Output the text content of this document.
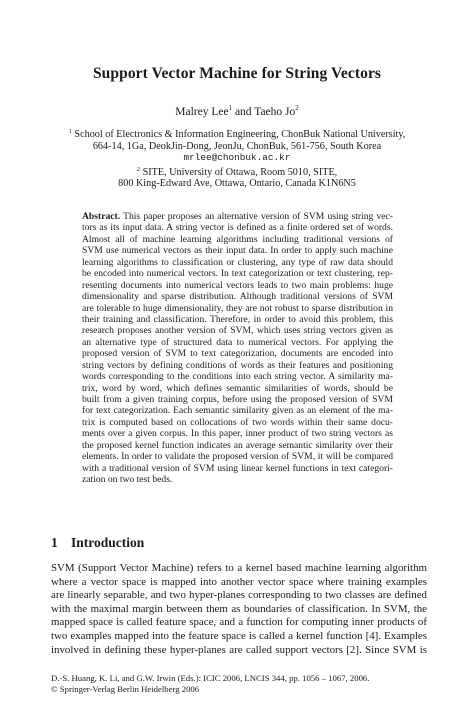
Support Vector Machine for String Vectors
Malrey Lee$^1$ and Taeho Jo$^2$
$^1$ School of Electronics & Information Engineering, ChonBuk National University,
664-14, 1Ga, DeokJin-Dong, JeonJu, ChonBuk, 561-756, South Korea
mrlee@chonbuk.ac.kr
$^2$ SITE, University of Ottawa, Room 5010, SITE,
800 King-Edward Ave, Ottawa, Ontario, Canada K1N6N5
Abstract. This paper proposes an alternative version of SVM using string vec-
tors as its input data. A string vector is defined as a finite ordered set of words.
Almost all of machine learning algorithms including traditional versions of
SVM use numerical vectors as their input data. In order to apply such machine
learning algorithms to classification or clustering, any type of raw data should
be encoded into numerical vectors. In text categorization or text clustering, rep-
resenting documents into numerical vectors leads to two main problems: huge
dimensionality and sparse distribution. Although traditional versions of SVM
are tolerable to huge dimensionality, they are not robust to sparse distribution in
their training and classification. Therefore, in order to avoid this problem, this
research proposes another version of SVM, which uses string vectors given as
an alternative type of structured data to numerical vectors. For applying the
proposed version of SVM to text categorization, documents are encoded into
string vectors by defining conditions of words as their features and positioning
words corresponding to the conditions into each string vector. A similarity ma-
trix, word by word, which defines semantic similarities of words, should be
built from a given training corpus, before using the proposed version of SVM
for text categorization. Each semantic similarity given as an element of the ma-
trix is computed based on collocations of two words within their same docu-
ments over a given corpus. In this paper, inner product of two string vectors as
the proposed kernel function indicates an average semantic similarity over their
elements. In order to validate the proposed version of SVM, it will be compared
with a traditional version of SVM using linear kernel functions in text categori-
zation on two test beds.
1 Introduction
SVM (Support Vector Machine) refers to a kernel based machine learning algorithm
where a vector space is mapped into another vector space where training examples
are linearly separable, and two hyper-planes corresponding to two classes are defined
with the maximal margin between them as boundaries of classification. In SVM, the
mapped space is called feature space, and a function for computing inner products of
two examples mapped into the feature space is called a kernel function [4]. Examples
involved in defining these hyper-planes are called support vectors [2]. Since SVM is
D.-S. Huang, K. Li, and G.W. Irwin (Eds.): ICIC 2006, LNCIS 344, pp. 1056 – 1067, 2006.
© Springer-Verlag Berlin Heidelberg 2006
